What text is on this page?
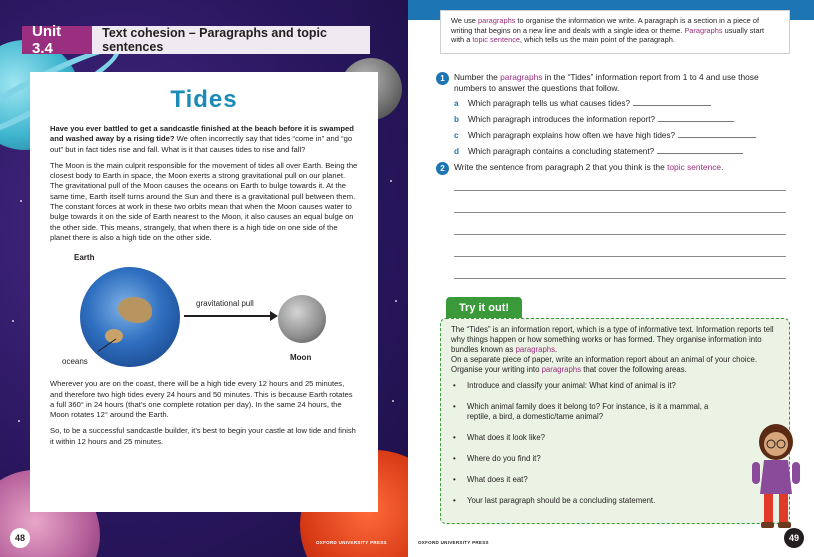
Unit 3.4
Text cohesion – Paragraphs and topic sentences
Tides

Have you ever battled to get a sandcastle finished at the beach before it is swamped and washed away by a rising tide? We often incorrectly say that tides “come in” and “go out” but in fact tides rise and fall. What is it that causes tides to rise and fall?

The Moon is the main culprit responsible for the movement of tides all over Earth. Being the closest body to Earth in space, the Moon exerts a strong gravitational pull on our planet. The gravitational pull of the Moon causes the oceans on Earth to bulge towards it. At the same time, Earth itself turns around the Sun and there is a gravitational pull between them. The constant forces at work in these two orbits mean that when the Moon causes water to bulge towards it on the side of Earth nearest to the Moon, it also causes an equal bulge on the other side. This means, strangely, that when there is a high tide on one side of the planet there is also a high tide on the other side.

Earth
gravitational pull
oceans	Moon

Wherever you are on the coast, there will be a high tide every 12 hours and 25 minutes, and therefore two high tides every 24 hours and 50 minutes. This is because Earth rotates a full 360° in 24 hours (that’s one complete rotation per day). In the same 24 hours, the Moon rotates 12° around the Earth.

So, to be a successful sandcastle builder, it’s best to begin your castle at low tide and finish it within 12 hours and 25 minutes.

48	OXFORD UNIVERSITY PRESS
We use paragraphs to organise the information we write. A paragraph is a section in a piece of writing that begins on a new line and deals with a single idea or theme. Paragraphs usually start with a topic sentence, which tells us the main point of the paragraph.
1	Number the paragraphs in the “Tides” information report from 1 to 4 and use those numbers to answer the questions that follow.
a	Which paragraph tells us what causes tides?
b	Which paragraph introduces the information report?
c	Which paragraph explains how often we have high tides?
d	Which paragraph contains a concluding statement?
2	Write the sentence from paragraph 2 that you think is the topic sentence.
Try it out!

The “Tides” is an information report, which is a type of informative text. Information reports tell why things happen or how something works or has formed. They organise information into bundles known as paragraphs.

On a separate piece of paper, write an information report about an animal of your choice.

Organise your writing into paragraphs that cover the following areas.

• Introduce and classify your animal: What kind of animal is it?
• Which animal family does it belong to? For instance, is it a mammal, a reptile, a bird, a domestic/tame animal?
• What does it look like?
• Where do you find it?
• What does it eat?
• Your last paragraph should be a concluding statement.
OXFORD UNIVERSITY PRESS	49
